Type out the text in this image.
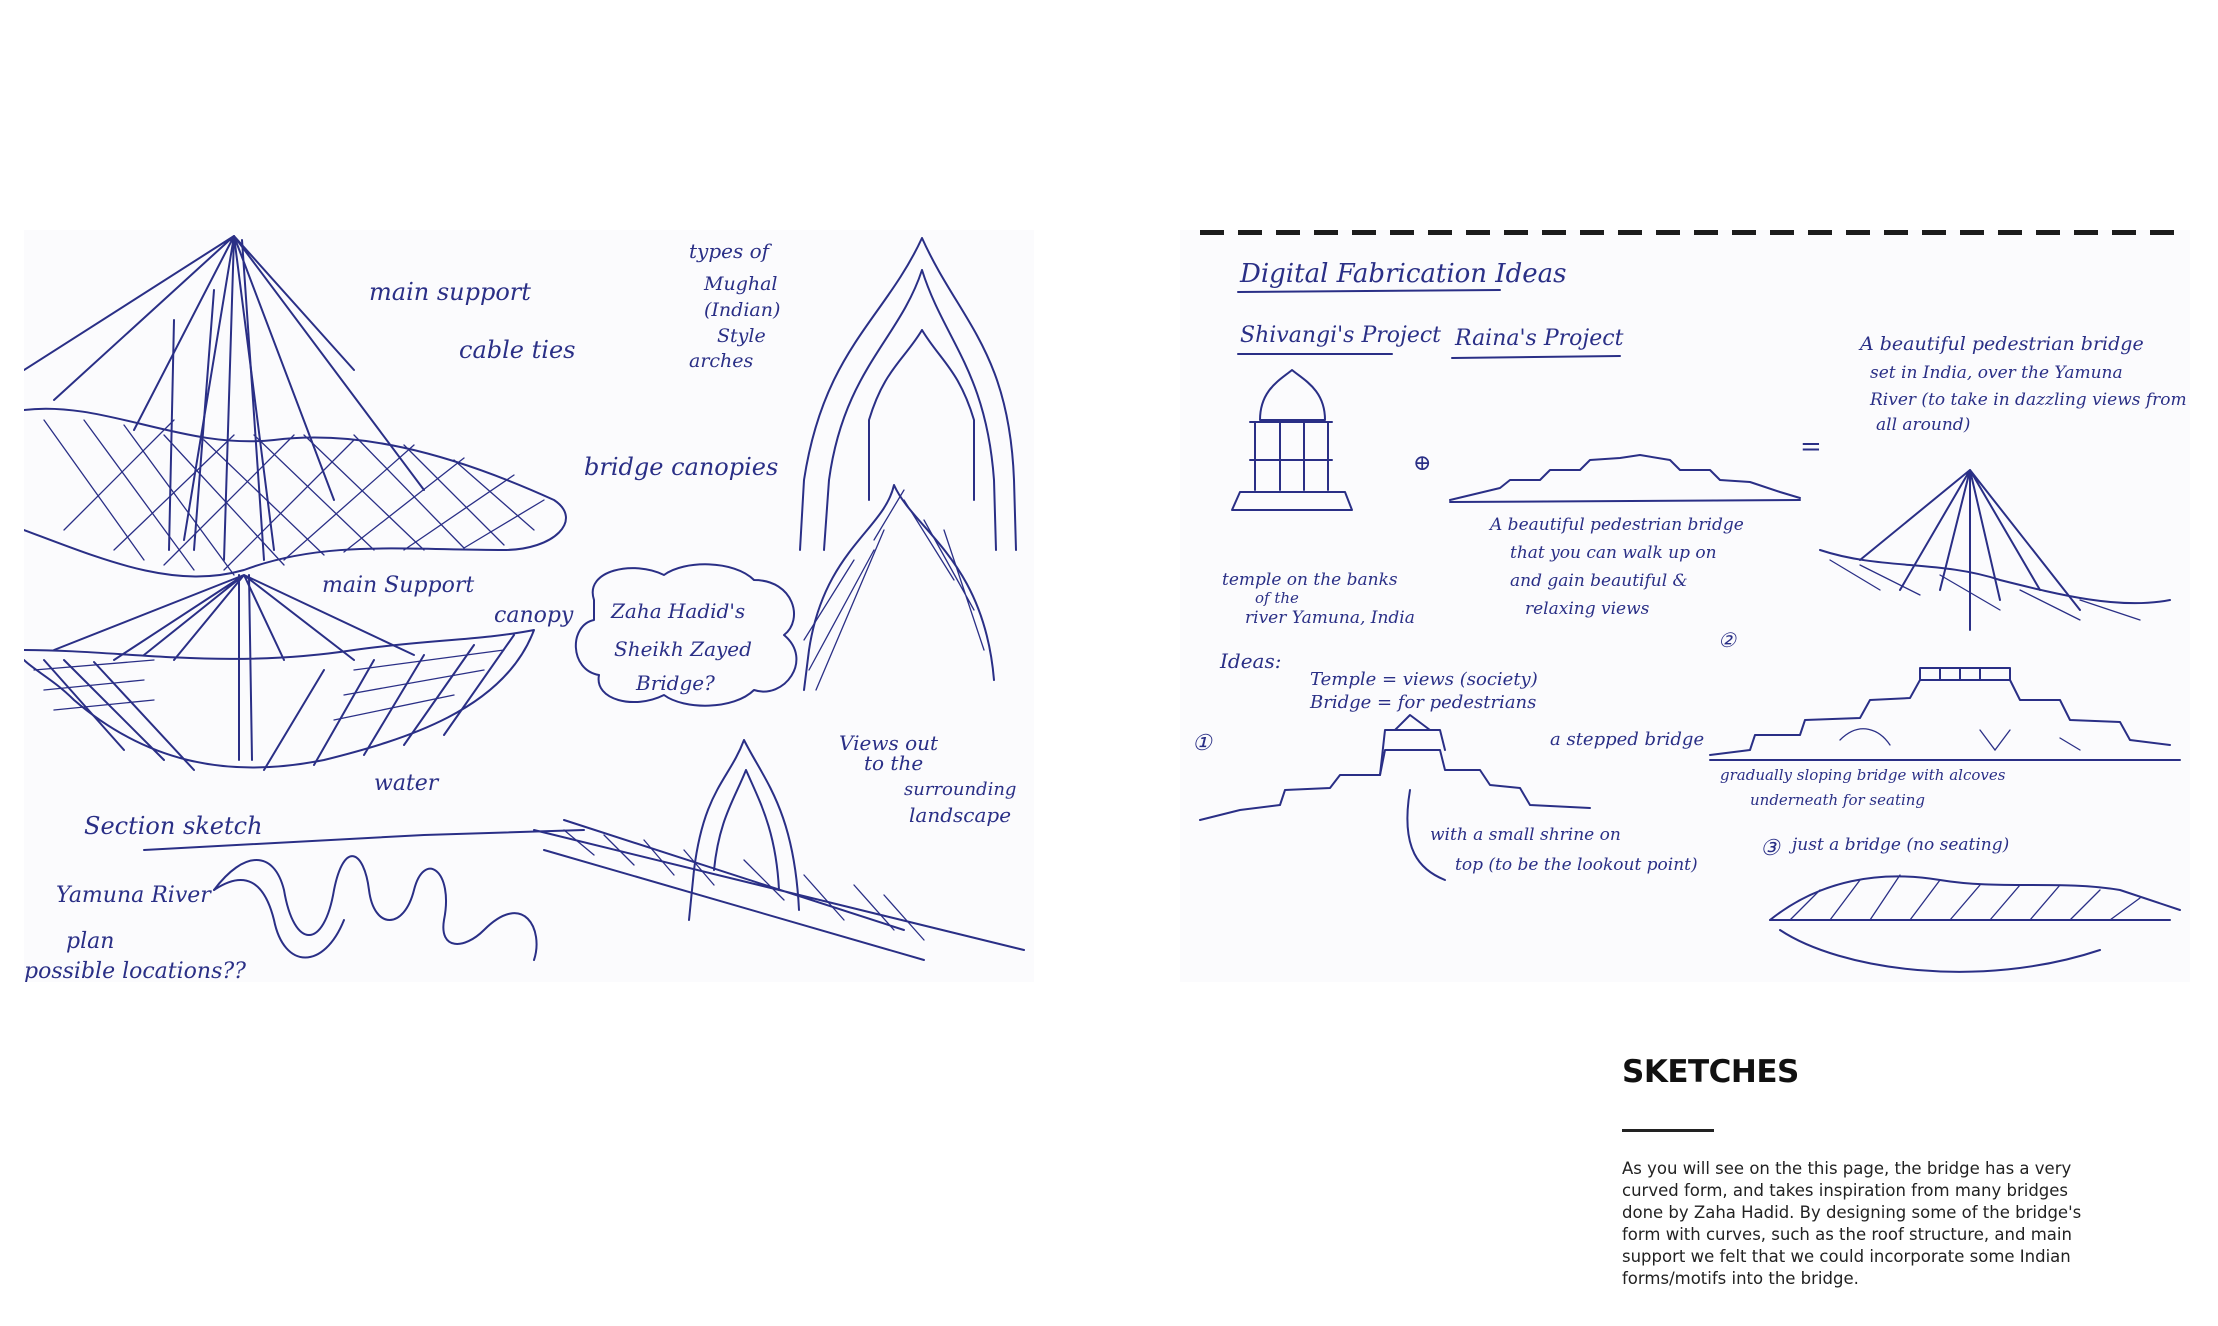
main support
cable ties
bridge canopies
types of
Mughal
(Indian)
Style
arches
main Support
canopy Zaha Hadid's
Sheikh Zayed
Bridge?
water
Views out
to the
surrounding
landscape
Section sketch
Yamuna River
plan
possible locations??
Digital Fabrication Ideas
Shivangi's Project Raina's Project
⊕
=
A beautiful pedestrian bridge
set in India, over the Yamuna
River (to take in dazzling views from
all around)
temple on the banks
of the
river Yamuna, India
A beautiful pedestrian bridge
that you can walk up on
and gain beautiful &
relaxing views
Ideas:
Temple = views (society)
Bridge = for pedestrians
①	a stepped bridge
with a small shrine on
top (to be the lookout point)
②
gradually sloping bridge with alcoves
underneath for seating
③ just a bridge (no seating)
SKETCHES

As you will see on the this page, the bridge has a very curved form, and takes inspiration from many bridges done by Zaha Hadid. By designing some of the bridge's form with curves, such as the roof structure, and main support we felt that we could incorporate some Indian forms/motifs into the bridge.
